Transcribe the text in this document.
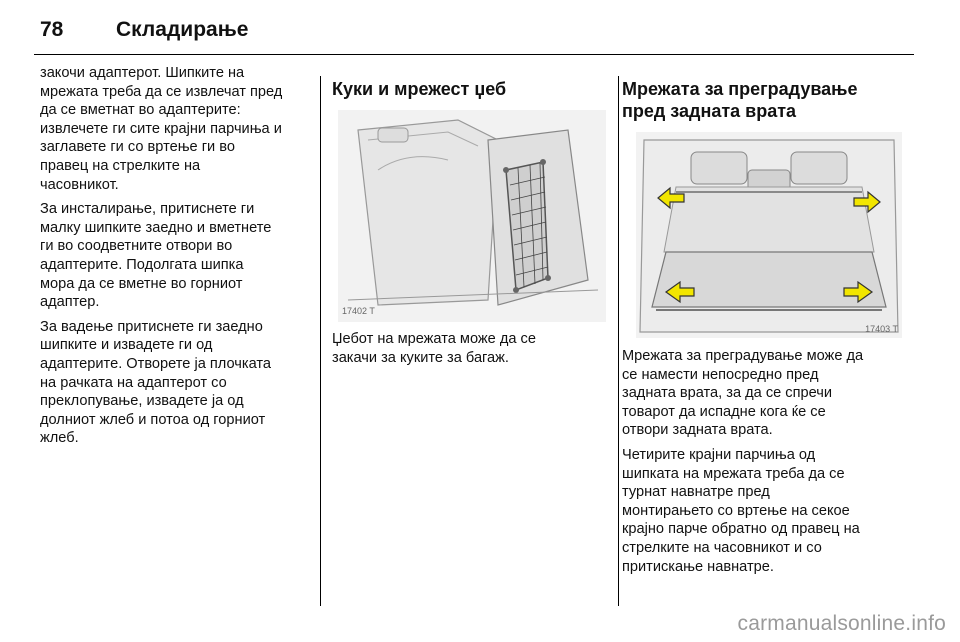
78	Складирање

закочи адаптерот. Шипките на
мрежата треба да се извлечат пред
да се вметнат во адаптерите:
извлечете ги сите крајни парчиња и
заглавете ги со вртење ги во
правец на стрелките на
часовникот.

За инсталирање, притиснете ги
малку шипките заедно и вметнете
ги во соодветните отвори во
адаптерите. Подолгата шипка
мора да се вметне во горниот
адаптер.

За вадење притиснете ги заедно
шипките и извадете ги од
адаптерите. Отворете ја плочката
на рачката на адаптерот со
преклопување, извадете ја од
долниот жлеб и потоа од горниот
жлеб.

Куки и мрежест џеб
17402 T

Џебот на мрежата може да се
закачи за куките за багаж.

Мрежата за преградување
пред задната врата
17403 T

Мрежата за преградување може да
се намести непосредно пред
задната врата, за да се спречи
товарот да испадне кога ќе се
отвори задната врата.

Четирите крајни парчиња од
шипката на мрежата треба да се
турнат навнатре пред
монтирањето со вртење на секое
крајно парче обратно од правец на
стрелките на часовникот и со
притискање навнатре.

carmanualsonline.info
